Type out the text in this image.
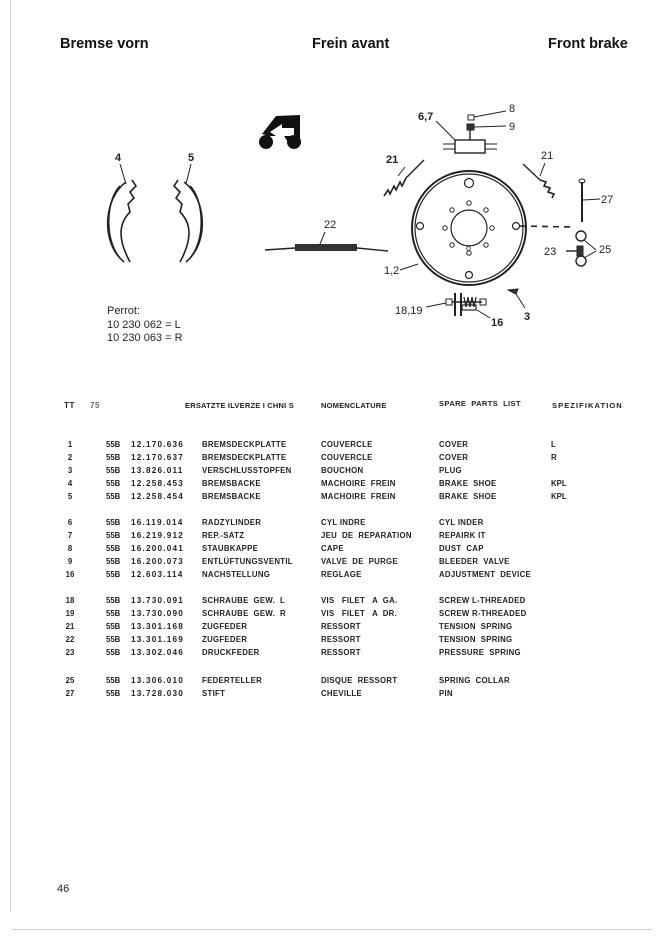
Bremse vorn	Frein avant	Front brake
4	5
6,7
8
9
21	21
22
27
23	25
1,2
o
18,19
16 3
Perrot:
10 230 062 = L
10 230 063 = R
TT 75	ERSATZTE ILVERZE I CHNI S	NOMENCLATURE	SPARE  PARTS  LIST	SPEZIFIKATION
1	55B 12.170.636 BREMSDECKPLATTE	COUVERCLE	COVER	L
2	55B 12.170.637 BREMSDECKPLATTE	COUVERCLE	COVER	R
3	55B 13.826.011 VERSCHLUSSTOPFEN	BOUCHON	PLUG
4	55B 12.258.453 BREMSBACKE	MACHOIRE  FREIN	BRAKE  SHOE	KPL
5	55B 12.258.454 BREMSBACKE	MACHOIRE  FREIN	BRAKE  SHOE	KPL
6	55B 16.119.014 RADZYLINDER	CYL INDRE	CYL INDER
7	55B 16.219.912 REP.-SATZ	JEU  DE  REPARATION	REPAIRK IT
8	55B 16.200.041 STAUBKAPPE	CAPE	DUST  CAP
9	55B 16.200.073 ENTLÜFTUNGSVENTIL	VALVE  DE  PURGE	BLEEDER  VALVE
16	55B 12.603.114 NACHSTELLUNG	REGLAGE	ADJUSTMENT  DEVICE
18	55B 13.730.091 SCHRAUBE  GEW.  L	VIS   FILET   A  GA.	SCREW L-THREADED
19	55B 13.730.090 SCHRAUBE  GEW.  R	VIS   FILET   A  DR.	SCREW R-THREADED
21	55B 13.301.168 ZUGFEDER	RESSORT	TENSION  SPRING
22	55B 13.301.169 ZUGFEDER	RESSORT	TENSION  SPRING
23	55B 13.302.046 DRUCKFEDER	RESSORT	PRESSURE  SPRING
25	55B 13.306.010 FEDERTELLER	DISQUE  RESSORT	SPRING  COLLAR
27	55B 13.728.030 STIFT	CHEVILLE	PIN
46
